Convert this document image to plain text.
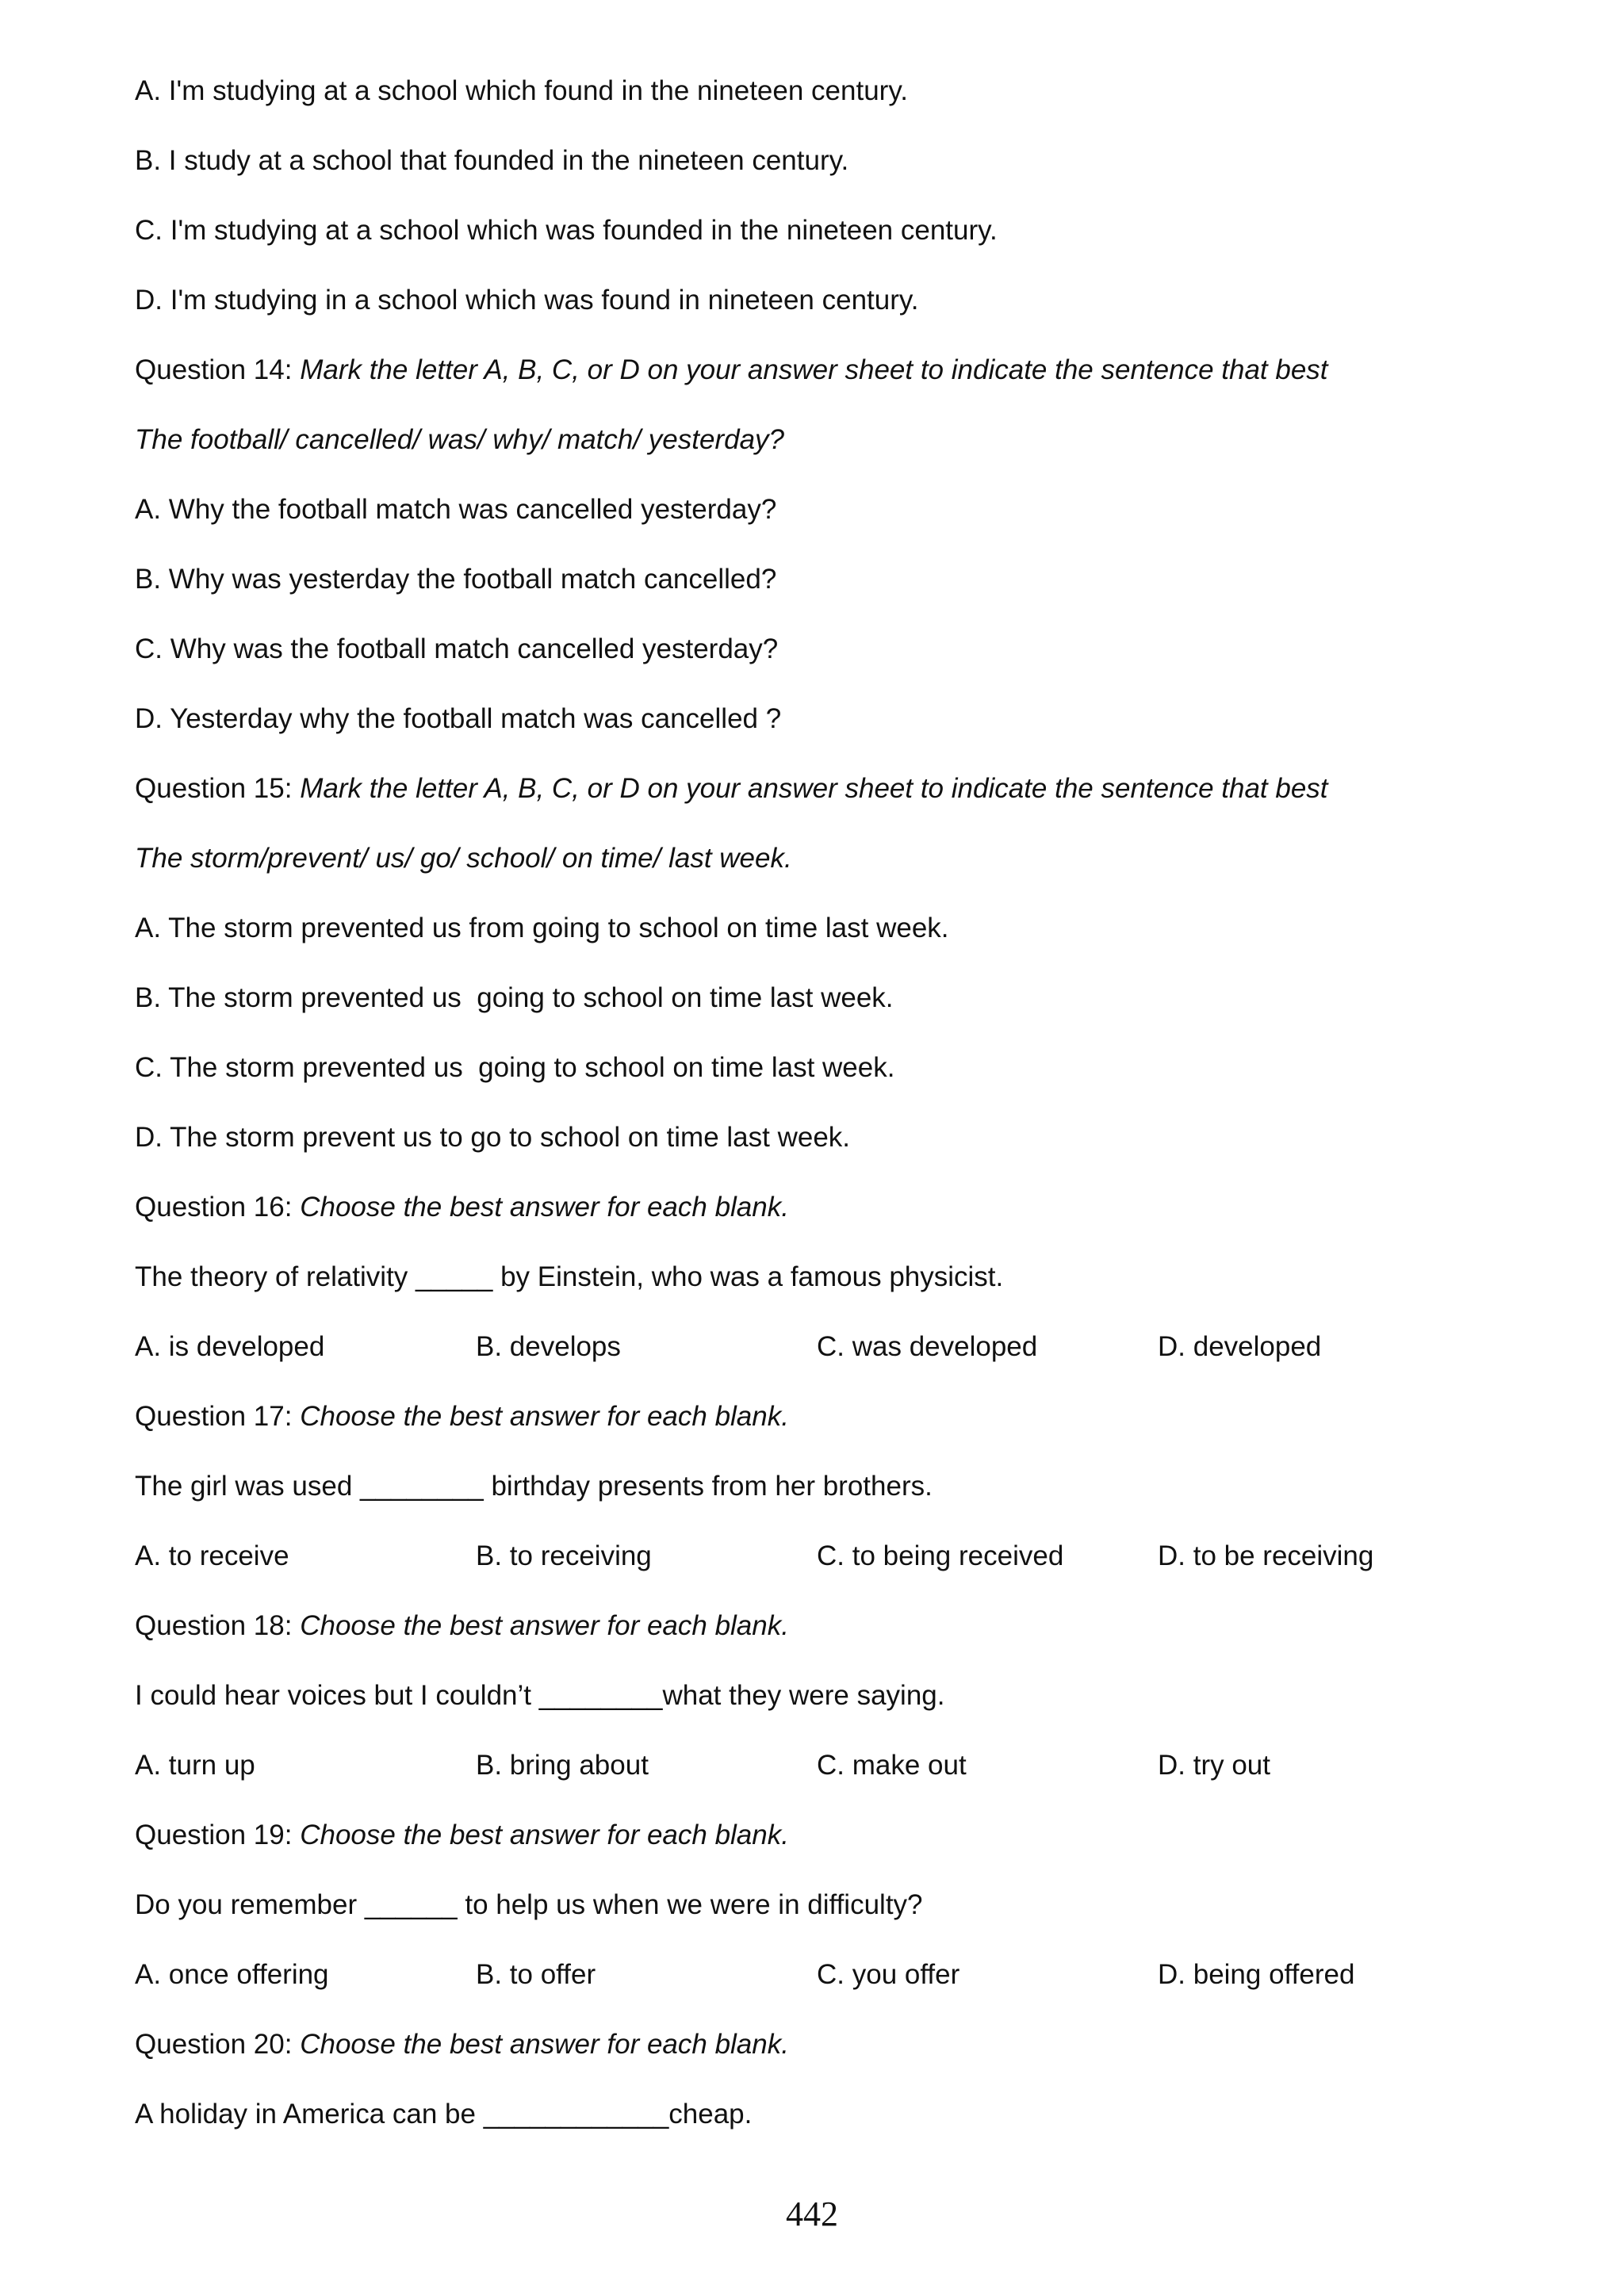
A. I'm studying at a school which found in the nineteen century.
B. I study at a school that founded in the nineteen century.
C. I'm studying at a school which was founded in the nineteen century.
D. I'm studying in a school which was found in nineteen century.
Question 14: Mark the letter A, B, C, or D on your answer sheet to indicate the sentence that best
The football/ cancelled/ was/ why/ match/ yesterday?
A. Why the football match was cancelled yesterday?
B. Why was yesterday the football match cancelled?
C. Why was the football match cancelled yesterday?
D. Yesterday why the football match was cancelled ?
Question 15: Mark the letter A, B, C, or D on your answer sheet to indicate the sentence that best
The storm/prevent/ us/ go/ school/ on time/ last week.
A. The storm prevented us from going to school on time last week.
B. The storm prevented us  going to school on time last week.
C. The storm prevented us  going to school on time last week.
D. The storm prevent us to go to school on time last week.
Question 16: Choose the best answer for each blank.
The theory of relativity _____ by Einstein, who was a famous physicist.
A. is developed	B. develops	C. was developed	D. developed
Question 17: Choose the best answer for each blank.
The girl was used ________ birthday presents from her brothers.
A. to receive	B. to receiving	C. to being received	D. to be receiving
Question 18: Choose the best answer for each blank.
I could hear voices but I couldn’t ________what they were saying.
A. turn up	B. bring about	C. make out	D. try out
Question 19: Choose the best answer for each blank.
Do you remember ______ to help us when we were in difficulty?
A. once offering	B. to offer	C. you offer	D. being offered
Question 20: Choose the best answer for each blank.
A holiday in America can be ____________cheap.
442
